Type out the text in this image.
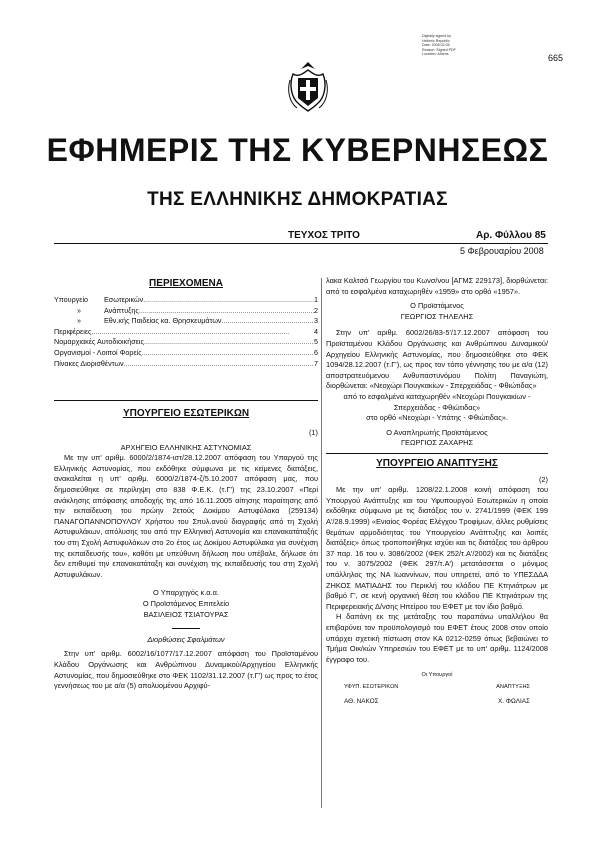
Digitally signed by
Hellenic Republic
Date: 2008.02.05
Reason: Signed PDF
Location: Athens	665
ΕΦΗΜΕΡΙΣ ΤΗΣ ΚΥΒΕΡΝΗΣΕΩΣ
ΤΗΣ ΕΛΛΗΝΙΚΗΣ ΔΗΜΟΚΡΑΤΙΑΣ
ΤΕΥΧΟΣ ΤΡΙΤΟ	Αρ. Φύλλου 85
5 Φεβρουαρίου 2008
ΠΕΡΙΕΧΟΜΕΝΑ
Υπουργείο	Εσωτερικών .....	1
»	Ανάπτυξης .....	2
»	Εθν.κής Παιδείας κα. Θρησκευμάτων .....	3
Περιφέρειες .....	4
Νομαρχιακές Αυτοδιοικήσεις .....	5
Οργανισμοί - Λοιποί Φορείς .....	6
Πίνακες Διορισθέντων .....	7
ΥΠΟΥΡΓΕΙΟ ΕΣΩΤΕΡΙΚΩΝ
(1)
ΑΡΧΗΓΕΙΟ ΕΛΛΗΝΙΚΗΣ ΑΣΤΥΝΟΜΙΑΣ
Με την υπ' αριθμ. 6000/2/1874-ιστ/28.12.2007 απόφαση του Υπαργού της Ελληνικής Αστυνομίας, που εκδόθηκε σύμφωνα με τις κείμενες διατάξεις, ανακαλείται η υπ' αριθμ. 6000/2/1874-ζ/5.10.2007 απόφαση μας, που δημοσιεύθηκε σε περίληψη στο 838 Φ.Ε.Κ. (τ.Γ') της 23.10.2007 «Περί ανάκλησης απόφασης αποδοχής της από 16.11.2005 αίτησης παραίτησης από την εκπαίδευση του πρώην 2ετούς Δοκίμου Αστυφύλακα (259134) ΠΑΝΑΓΟΠΑΝΝΟΠΟΥΛΟΥ Χρήστου του Σπυλ.ανού διαγραφής από τη Σχολή Αστυφυλάκων, απόλυσης του από την Ελληνική Αστυνομία και επανακατάταξής του στη Σχολή Αστυφυλάκων στο 2ο έτος ως Δοκίμου Αστυφύλακα για συνέχιση της εκπαίδευσής του», καθότι με υπεύθυνη δήλωση που υπέβαλε, δήλωσε ότι δεν επιθυμεί την επανακατάταξη και συνέχιση της εκπαίδευσής του στη Σχολή Αστυφυλάκων.
Ο Υπαρχηγός κ.α.α.
Ο Προϊστάμενος Επιτελείο
ΒΑΣΙΛΕΙΟΣ ΤΣΙΑΤΟΥΡΑΣ
Διορθώσεις Σφαλμάτων
Στην υπ' αριθμ. 6002/16/1077/17.12.2007 απόφαση του Προϊσταμένου Κλάδου Οργάνωσης και Ανθρώπινου Δυναμικού/Αρχηγείου Ελληνικής Αστυνομίας, που δημοσιεύθηκε στο ΦΕΚ 1102/31.12.2007 (τ.Γ') ως προς το έτος γεννήσεως του με α/α (5) απολυομένου Αρχιφύ-
λακα Καλτσά Γεωργίου του Κωνσ/νου [ΑΓΜΣ 229173], διορθώνεται: από το εσφαλμένα καταχωρηθέν «1959» στο ορθό «1957».
Ο Προϊστάμενος
ΓΕΩΡΓΙΟΣ ΤΗΛΕΛΗΣ
Στην υπ' αριθμ. 6002/26/83-5'/17.12.2007 απόφαση του Προϊσταμένου Κλάδου Οργάνωσης και Ανθρώπινου Δυναμικού/Αρχηγείου Ελληνικής Αστυνομίας, που δημοσιεύθηκε στο ΦΕΚ 1094/28.12.2007 (τ.Γ'), ως προς τον τόπο γέννησης του με α/α (12) αποστρατευόμενου Ανθυπαστυνόμου Πολίτη Παναγιώτη, διορθώνεται: «Νεοχώρι Πουγκακίων - Σπερχειάδας - Φθιώτιδας»
από το εσφαλμένα καταχωρηθέν «Νεοχώρι Πουγκακίων - Σπερχειάδας - Φθιώτιδας»
στο ορθό «Νεοχώρι - Υπάτης - Φθιώτιδας».
Ο Αναπληρωτής Προϊστάμενος
ΓΕΩΡΓΙΟΣ ΖΑΧΑΡΗΣ
ΥΠΟΥΡΓΕΙΟ ΑΝΑΠΤΥΞΗΣ
(2)
Με την υπ' αριθμ. 1208/22.1.2008 κοινή απόφαση του Υπουργού Ανάπτυξης και του Υφυπουργού Εσωτερικών η οποία εκδόθηκε σύμφωνα με τις διατάξεις του ν. 2741/1999 (ΦΕΚ 199 Α'/28.9.1999) «Ενιαίος Φορέας Ελέγχου Τροφίμων, άλλες ρυθμίσεις θεμάτων αρμοδιότητας του Υπουργείου Ανάπτυξης και λοιπές διατάξεις» όπως τροποποιήθηκε ισχύει και τις διατάξεις του άρθρου 37 παρ. 16 του ν. 3086/2002 (ΦΕΚ 252/τ.Α'/2002) και τις διατάξεις του ν. 3075/2002 (ΦΕΚ 297/τ.Α') μετατάσσεται ο μόνιμος υπάλληλος της ΝΑ Ιωαννίνων, που υπηρετεί, από το ΥΠΕΣΔΔΑ ΖΗΚΟΣ ΜΑΤΙΑΔΗΣ του Περικλή του κλάδου ΠΕ Κτηνιάτρων με βαθμό Γ', σε κενή οργανική θέση του κλάδου ΠΕ Κτηνιάτρων της Περιφερειακής Δ/νσης Ηπείρου του ΕΦΕΤ με τον ίδιο βαθμό.
Η δαπάνη εκ της μετάταξης του παραπάνω υπαλλήλου θα επιβαρύνει τον προϋπολογισμό του ΕΦΕΤ έτους 2008 στον οποίο υπάρχει σχετική πίστωση στον ΚΑ 0212-0259 όπως βεβαιώνει το Τμήμα Οικ/κών Υπηρεσιών του ΕΦΕΤ με το υπ' αριθμ. 1124/2008 έγγραφο του.
Οι Υπουργοί
ΥΦΥΠ. ΕΣΩΤΕΡΙΚΩΝ	ΑΝΑΠΤΥΞΗΣ
ΑΘ. ΝΑΚΟΣ	Χ. ΦΩΛΙΑΣ
